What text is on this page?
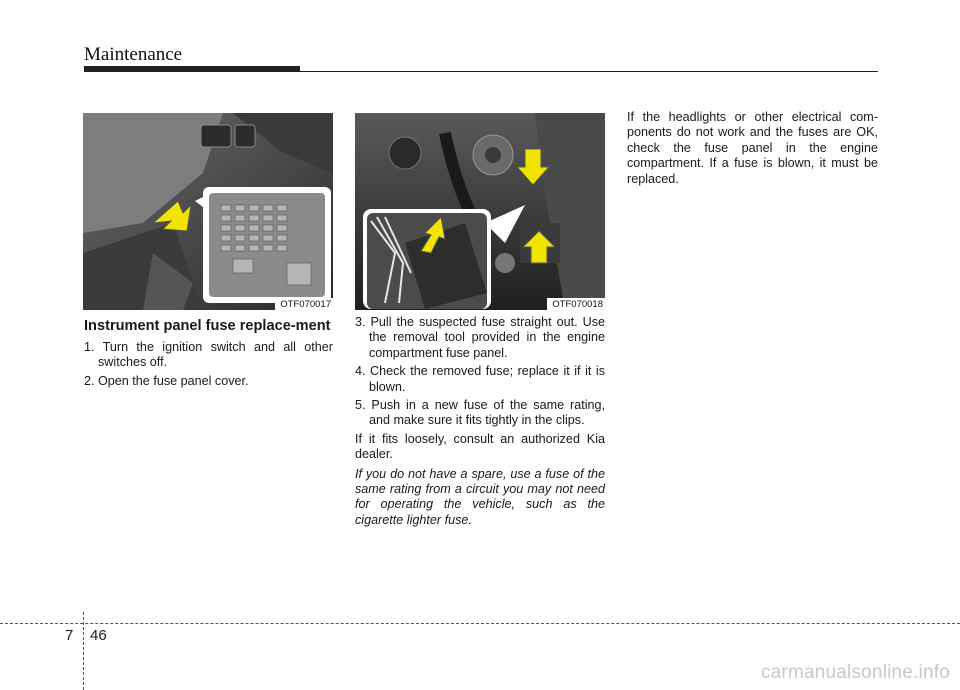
Maintenance
OTF070017	OTF070018
Instrument panel fuse replace-ment
1. Turn the ignition switch and all other switches off.
2. Open the fuse panel cover.
3. Pull the suspected fuse straight out. Use the removal tool provided in the engine compartment fuse panel.
4. Check the removed fuse; replace it if it is blown.
5. Push in a new fuse of the same rating, and make sure it fits tightly in the clips.

If it fits loosely, consult an authorized Kia dealer.

If you do not have a spare, use a fuse of the same rating from a circuit you may not need for operating the vehicle, such as the cigarette lighter fuse.

If the headlights or other electrical com-ponents do not work and the fuses are OK, check the fuse panel in the engine compartment. If a fuse is blown, it must be replaced.

7 46
carmanualsonline.info
